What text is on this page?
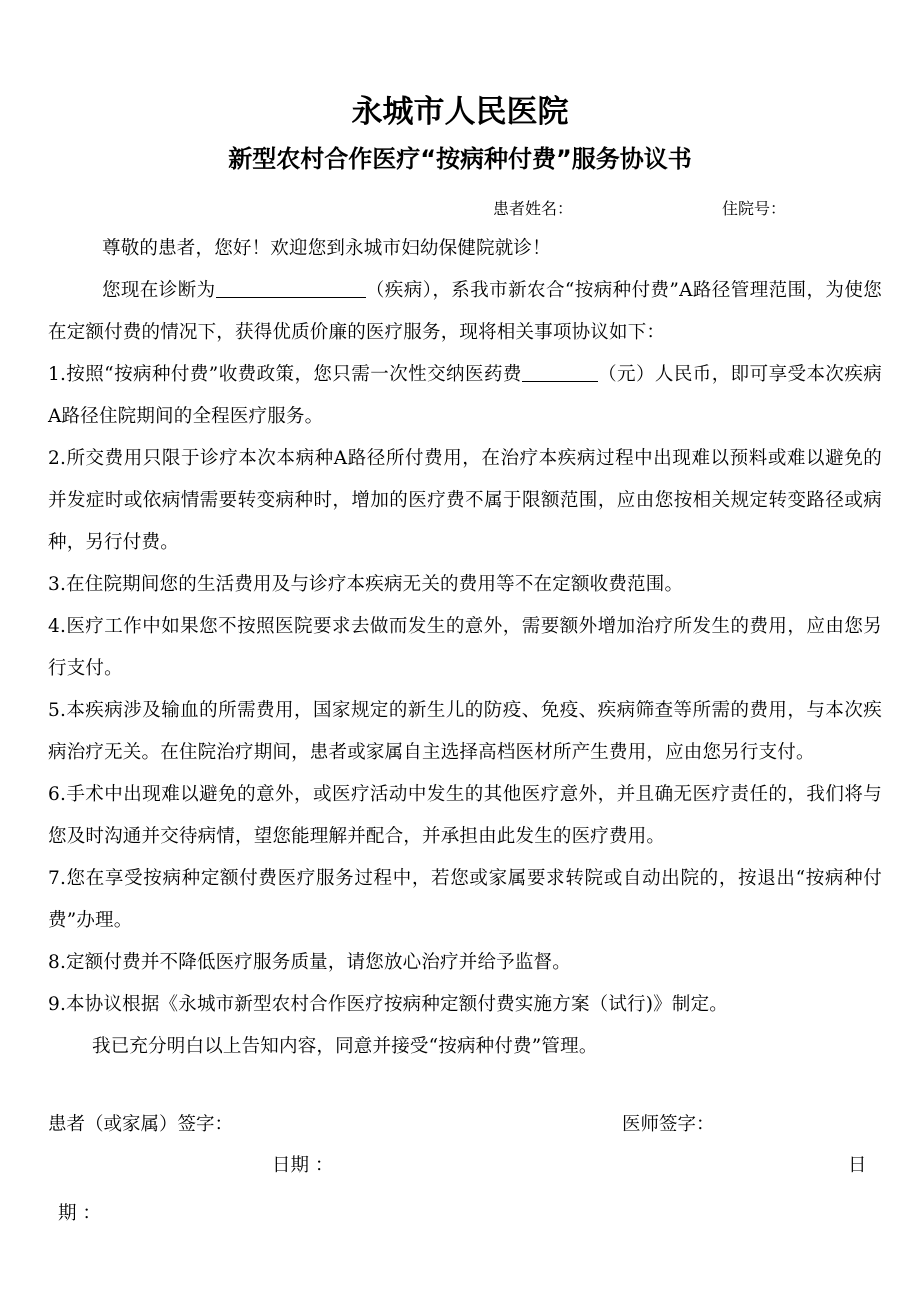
永城市人民医院
新型农村合作医疗“按病种付费”服务协议书
患者姓名：	住院号：

尊敬的患者，您好！欢迎您到永城市妇幼保健院就诊！

您现在诊断为	（疾病），系我市新农合“按病种付费”A路径管理范围，为使您在定额付费的情况下，获得优质价廉的医疗服务，现将相关事项协议如下：

1.按照“按病种付费”收费政策，您只需一次性交纳医药费	（元）人民币，即可享受本次疾病A路径住院期间的全程医疗服务。

2.所交费用只限于诊疗本次本病种A路径所付费用，在治疗本疾病过程中出现难以预料或难以避免的并发症时或依病情需要转变病种时，增加的医疗费不属于限额范围，应由您按相关规定转变路径或病种，另行付费。

3.在住院期间您的生活费用及与诊疗本疾病无关的费用等不在定额收费范围。

4.医疗工作中如果您不按照医院要求去做而发生的意外，需要额外增加治疗所发生的费用，应由您另行支付。

5.本疾病涉及输血的所需费用，国家规定的新生儿的防疫、免疫、疾病筛查等所需的费用，与本次疾病治疗无关。在住院治疗期间，患者或家属自主选择高档医材所产生费用，应由您另行支付。

6.手术中出现难以避免的意外，或医疗活动中发生的其他医疗意外，并且确无医疗责任的，我们将与您及时沟通并交待病情，望您能理解并配合，并承担由此发生的医疗费用。

7.您在享受按病种定额付费医疗服务过程中，若您或家属要求转院或自动出院的，按退出“按病种付费”办理。

8.定额付费并不降低医疗服务质量，请您放心治疗并给予监督。

9.本协议根据《永城市新型农村合作医疗按病种定额付费实施方案（试行)》制定。

我已充分明白以上告知内容，同意并接受“按病种付费”管理。

患者（或家属）签字：	医师签字：
日期 ：	日
期 ：
